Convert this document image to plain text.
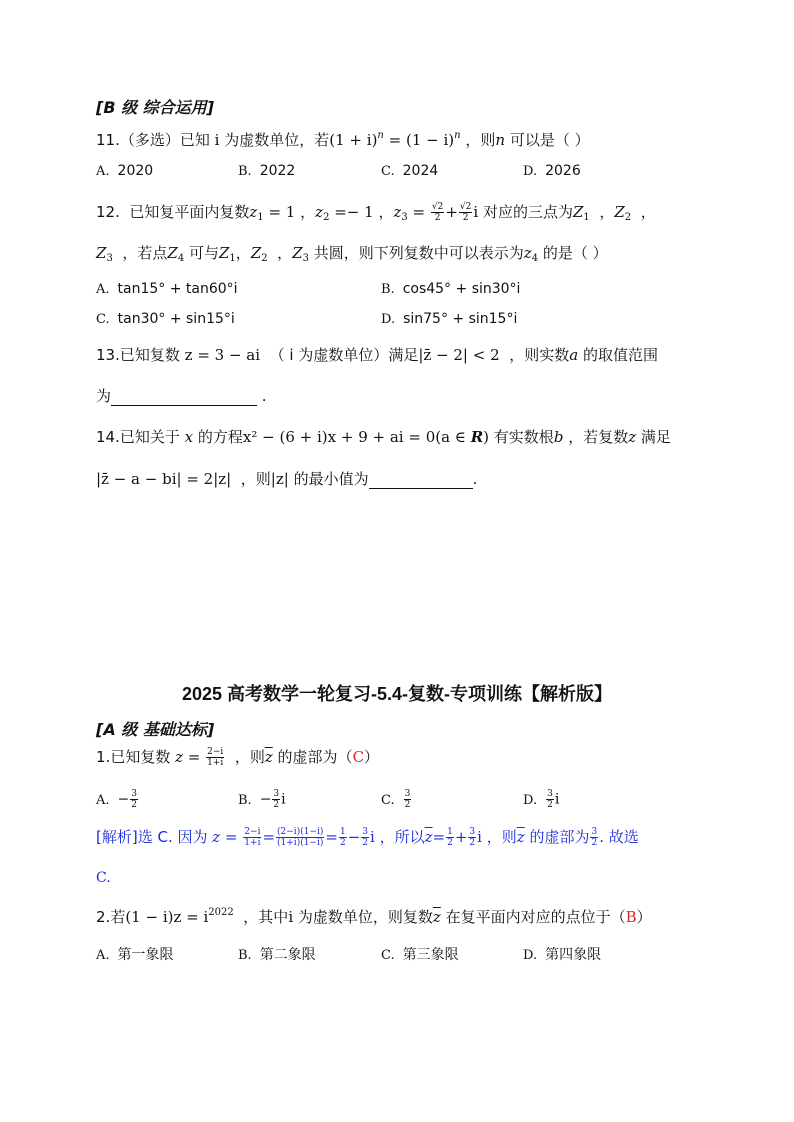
[B 级 综合运用]
11.（多选）已知 i 为虚数单位，若$(1 + i)^n = (1 - i)^n$ ，则n 可以是（ ）
A. 2020	B. 2022	C. 2024	D. 2026
12. 已知复平面内复数$z_1 = 1$ ，$z_2 =- 1$ ，$z_3 = \frac{√2}{2} + \frac{√2}{2}$ i 对应的三点为$Z_1$ ，$Z_2$ ，
$Z_3$ ，若点$Z_4$ 可与$Z_1$，$Z_2$ ，$Z_3$ 共圆，则下列复数中可以表示为$z_4$ 的是（ ）
A. tan15° + tan60°i	B. cos45° + sin30°i
C. tan30° + sin15°i	D. sin75° + sin15°i
13.已知复数 z = 3 − ai （ i 为虚数单位）满足|z̄ − 2| < 2 ，则实数a 的取值范围
为	.
14.已知关于 x 的方程x² − (6 + i)x + 9 + ai = 0(a ∈ R) 有实数根b ，若复数z 满足
|z̄ − a − bi| = 2|z| ，则|z| 的最小值为	.
2025 高考数学一轮复习-5.4-复数-专项训练【解析版】
[A 级 基础达标]
1.已知复数 $z = \frac{2-i}{1+i}$ ，则$\overline{z}$ 的虚部为（C）
A. − $\frac{3}{2}$	B. − $\frac{3}{2}$ i	C. $\frac{3}{2}$	D. $\frac{3}{2}$ i
[解析]选 C. 因为 $z = \frac{2-i}{1+i} = \frac{(2-i)(1-i)}{(1+i)(1-i)} = \frac{1}{2} - \frac{3}{2}$ i ，所以$\overline{z}= \frac{1}{2} + \frac{3}{2}$ i ，则$\overline{z}$ 的虚部为 $\frac{3}{2}$ . 故选
C.
2.若$(1 - i)z = i^{2022}$ ，其中i 为虚数单位，则复数$\overline{z}$ 在复平面内对应的点位于（B）
A. 第一象限	B. 第二象限	C. 第三象限	D. 第四象限
